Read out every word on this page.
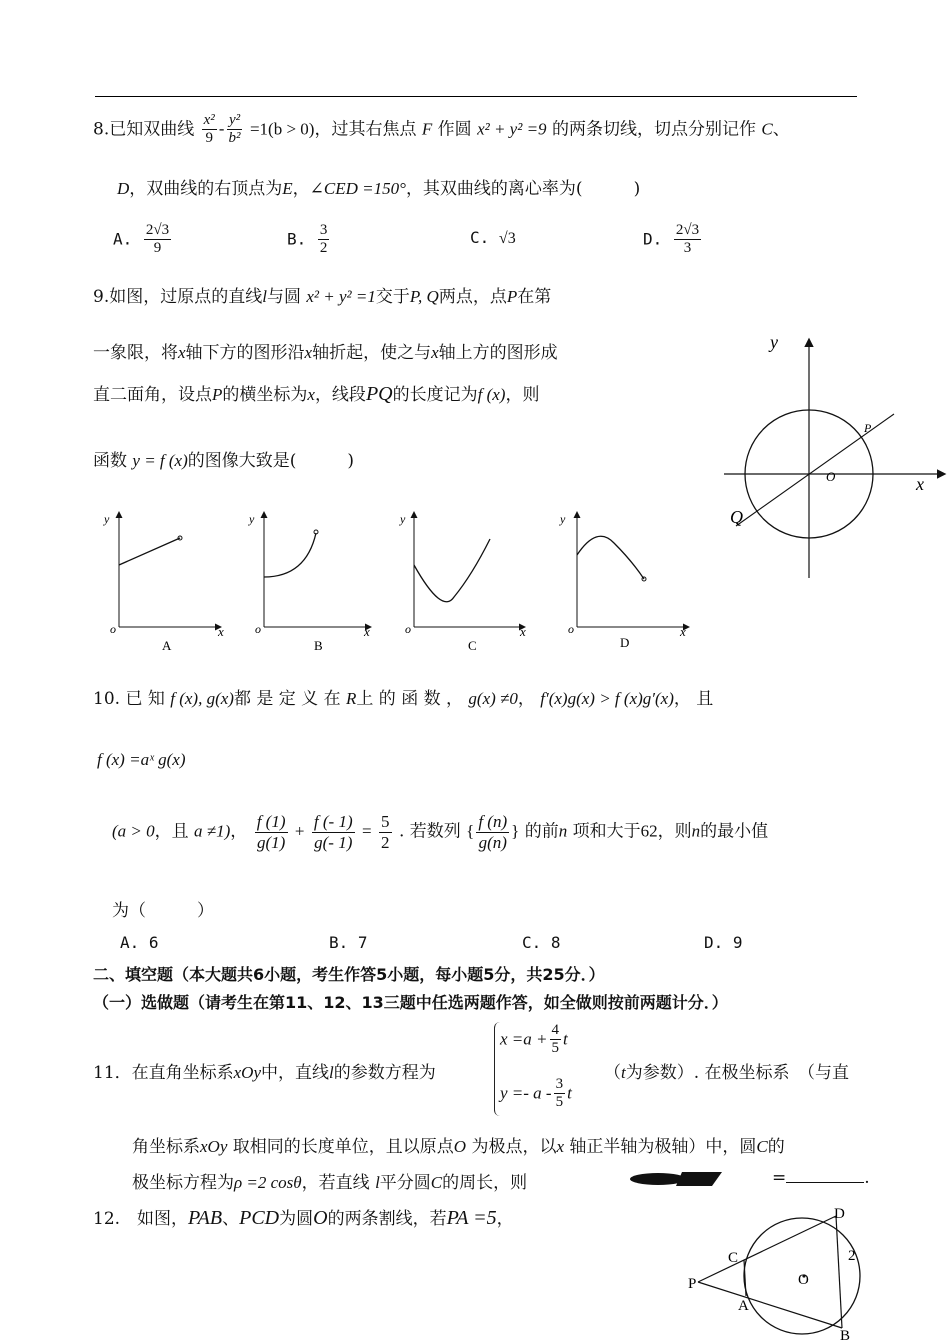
8.已知双曲线 $\frac{\text{x²}}{9} - \frac{\text{y²}}{\text{b²}} =1(b > 0)$，过其右焦点 F 作圆 x² + y² =9 的两条切线，切点分别记作 C、
D，双曲线的右顶点为E，∠CED =150°，其双曲线的离心率为(　　　)
A. $\frac{2√3}{9}$	B. $\frac{3}{2}$	C. √3	D. $\frac{2√3}{3}$
9.如图，过原点的直线l与圆 x² + y² =1交于P, Q两点，点P在第
一象限，将x轴下方的图形沿x轴折起，使之与x轴上方的图形成
直二面角，设点P的横坐标为x，线段PQ的长度记为f (x)，则
函数 y = f (x)的图像大致是(　　　)
y
x
O
P
Q
y
x
o
A
y
x
o
B
y
x
o
C
y
x
o
D
10. 已 知 f (x), g(x)都 是 定 义 在 R上 的 函 数 ， g(x) ≠0， f′(x)g(x) > f (x)g′(x)， 且
f (x) =aˣ g(x)
(a > 0，且 a ≠1)， $\frac{f (1)}{g(1)} + \frac{f (- 1)}{g(- 1)} = \frac{5}{2}$ . 若数列 { $\frac{f (n)}{g(n)}$ } 的前n 项和大于62，则n的最小值
为（　　　）
A. 6	B. 7	C. 8	D. 9
二、填空题（本大题共6小题，考生作答5小题，每小题5分，共25分．）
（一）选做题（请考生在第11、12、13三题中任选两题作答，如全做则按前两题计分．）
11．在直角坐标系xOy中，直线l的参数方程为
$x =a + \frac{4}{5}$ t
$y =- a - \frac{3}{5}$ t
（t为参数）. 在极坐标系　（与直
角坐标系xOy 取相同的长度单位，且以原点O 为极点，以x 轴正半轴为极轴）中，圆C的
极坐标方程为ρ =2 cosθ，若直线 l平分圆C的周长，则	=	.
12.　如图，PAB、PCD为圆O的两条割线，若PA =5，	D
C
P
A
B
O
2
